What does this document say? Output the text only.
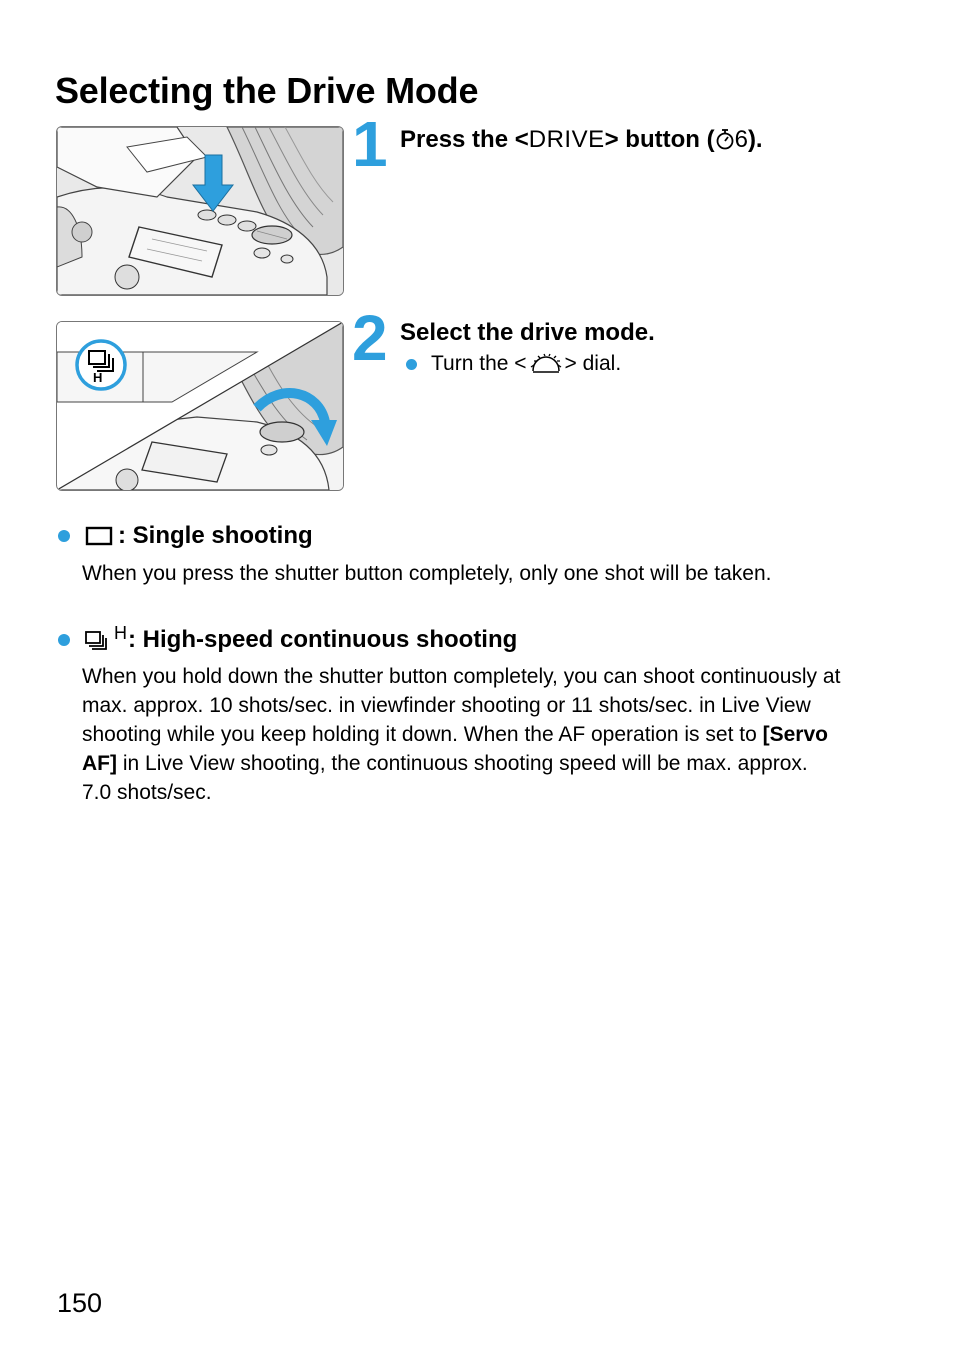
Selecting the Drive Mode
H
1 Press the <DRIVE> button ( 6).
2 Select the drive mode.
Turn the < > dial.
: Single shooting

When you press the shutter button completely, only one shot will be taken.

H : High-speed continuous shooting

When you hold down the shutter button completely, you can shoot continuously at max. approx. 10 shots/sec. in viewfinder shooting or 11 shots/sec. in Live View shooting while you keep holding it down. When the AF operation is set to [Servo AF] in Live View shooting, the continuous shooting speed will be max. approx. 7.0 shots/sec.

150
